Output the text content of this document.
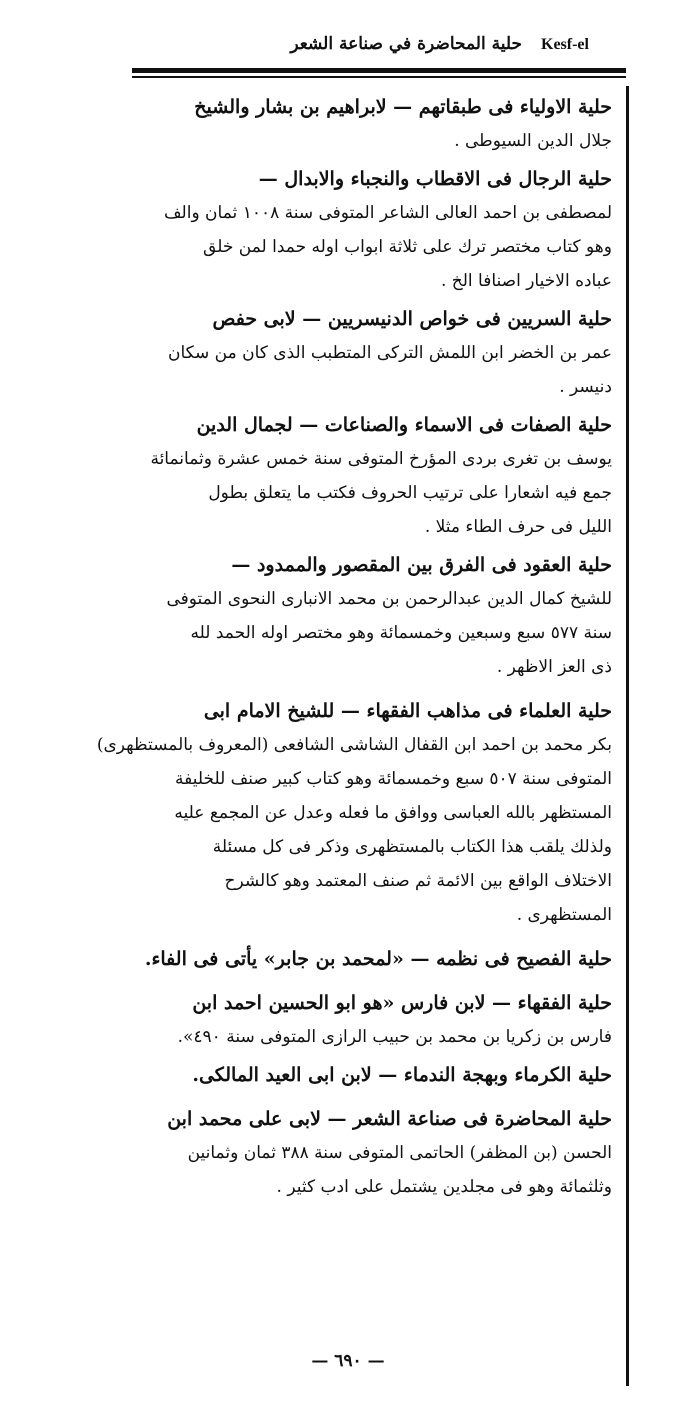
Kesf-el
حلية المحاضرة في صناعة الشعر
حلية الاولياء فى طبقاتهم — لابراهيم بن بشار والشيخ
جلال الدين السيوطى .
حلية الرجال فى الاقطاب والنجباء والابدال —
لمصطفى بن احمد العالى الشاعر المتوفى سنة ١٠٠٨ ثمان والف
وهو كتاب مختصر ترك على ثلاثة ابواب اوله حمدا لمن خلق
عباده الاخيار اصنافا الخ .
حلية السريين فى خواص الدنيسريين — لابى حفص
عمر بن الخضر ابن اللمش التركى المتطبب الذى كان من سكان
دنيسر .
حلية الصفات فى الاسماء والصناعات — لجمال الدين
يوسف بن تغرى بردى المؤرخ المتوفى سنة خمس عشرة وثمانمائة
جمع فيه اشعارا على ترتيب الحروف فكتب ما يتعلق بطول
الليل فى حرف الطاء مثلا .
حلية العقود فى الفرق بين المقصور والممدود —
للشيخ كمال الدين عبدالرحمن بن محمد الانبارى النحوى المتوفى
سنة ٥٧٧ سبع وسبعين وخمسمائة وهو مختصر اوله الحمد لله
ذى العز الاظهر .
حلية العلماء فى مذاهب الفقهاء — للشيخ الامام ابى
بكر محمد بن احمد ابن القفال الشاشى الشافعى (المعروف بالمستظهرى)
المتوفى سنة ٥٠٧ سبع وخمسمائة وهو كتاب كبير صنف للخليفة
المستظهر بالله العباسى ووافق ما فعله وعدل عن المجمع عليه
ولذلك يلقب هذا الكتاب بالمستظهرى وذكر فى كل مسئلة
الاختلاف الواقع بين الائمة ثم صنف المعتمد وهو كالشرح
المستظهرى .
حلية الفصيح فى نظمه — «لمحمد بن جابر» يأتى فى الفاء.
حلية الفقهاء — لابن فارس «هو ابو الحسين احمد ابن
فارس بن زكريا بن محمد بن حبيب الرازى المتوفى سنة ٤٩٠».
حلية الكرماء وبهجة الندماء — لابن ابى العيد المالكى.
حلية المحاضرة فى صناعة الشعر — لابى على محمد ابن
الحسن (بن المظفر) الحاتمى المتوفى سنة ٣٨٨ ثمان وثمانين
وثلثمائة وهو فى مجلدين يشتمل على ادب كثير .
— ٦٩٠ —
